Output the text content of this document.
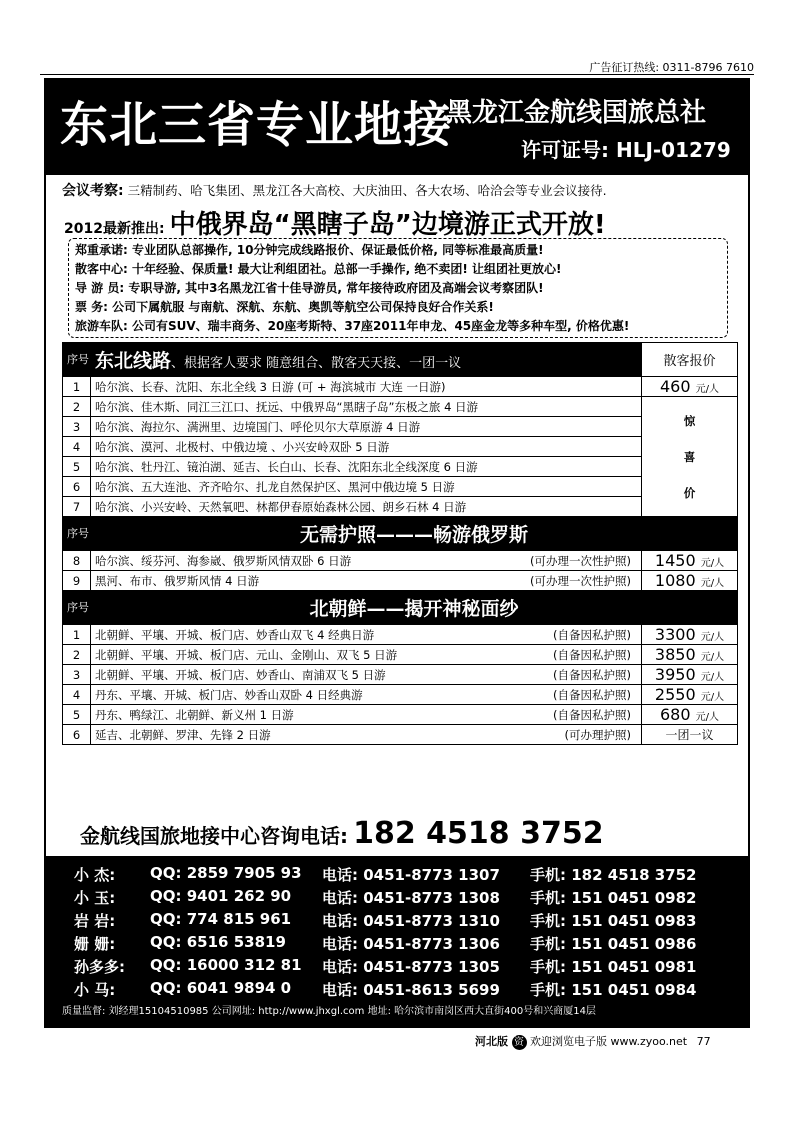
广告征订热线: 0311-8796 7610
东北三省专业地接
黑龙江金航线国旅总社
许可证号: HLJ-01279
会议考察: 三精制药、哈飞集团、黑龙江各大高校、大庆油田、各大农场、哈洽会等专业会议接待.
2012最新推出: 中俄界岛“黑瞎子岛”边境游正式开放!
郑重承诺: 专业团队总部操作, 10分钟完成线路报价、保证最低价格, 同等标准最高质量!
散客中心: 十年经验、保质量! 最大让利组团社。总部一手操作, 绝不卖团! 让组团社更放心!
导 游 员: 专职导游, 其中3名黑龙江省十佳导游员, 常年接待政府团及高端会议考察团队!
票 务: 公司下属航服 与南航、深航、东航、奥凯等航空公司保持良好合作关系!
旅游车队: 公司有SUV、瑞丰商务、20座考斯特、37座2011年申龙、45座金龙等多种车型, 价格优惠!
序号	东北线路、根据客人要求 随意组合、散客天天接、一团一议	散客报价
1	哈尔滨、长春、沈阳、东北全线 3 日游 (可 + 海滨城市 大连 一日游)	460 元/人
2	哈尔滨、佳木斯、同江三江口、抚远、中俄界岛“黑瞎子岛”东极之旅 4 日游	惊
喜
价

3	哈尔滨、海拉尔、满洲里、边境国门、呼伦贝尔大草原游 4 日游	
4	哈尔滨、漠河、北极村、中俄边境 、小兴安岭双卧 5 日游	
5	哈尔滨、牡丹江、镜泊湖、延吉、长白山、长春、沈阳东北全线深度 6 日游	
6	哈尔滨、五大连池、齐齐哈尔、扎龙自然保护区、黑河中俄边境 5 日游	
7	哈尔滨、小兴安岭、天然氧吧、林都伊春原始森林公园、朗乡石林 4 日游	
序号	无需护照———畅游俄罗斯	
8	哈尔滨、绥芬河、海参崴、俄罗斯风情双卧 6 日游 (可办理一次性护照)	1450 元/人
9	黑河、布市、俄罗斯风情 4 日游 (可办理一次性护照)	1080 元/人
序号	北朝鲜——揭开神秘面纱	
1	北朝鲜、平壤、开城、板门店、妙香山双飞 4 经典日游 (自备因私护照)	3300 元/人
2	北朝鲜、平壤、开城、板门店、元山、金刚山、双飞 5 日游 (自备因私护照)	3850 元/人
3	北朝鲜、平壤、开城、板门店、妙香山、南浦双飞 5 日游 (自备因私护照)	3950 元/人
4	丹东、平壤、开城、板门店、妙香山双卧 4 日经典游 (自备因私护照)	2550 元/人
5	丹东、鸭绿江、北朝鲜、新义州 1 日游 (自备因私护照)	680 元/人
6	延吉、北朝鲜、罗津、先锋 2 日游 (可办理护照)	一团一议
金航线国旅地接中心咨询电话: 182 4518 3752
小 杰: QQ: 2859 7905 93 电话: 0451-8773 1307 手机: 182 4518 3752
小 玉: QQ: 9401 262 90 电话: 0451-8773 1308 手机: 151 0451 0982
岩 岩: QQ: 774 815 961 电话: 0451-8773 1310 手机: 151 0451 0983
姗 姗: QQ: 6516 53819 电话: 0451-8773 1306 手机: 151 0451 0986
孙多多: QQ: 16000 312 81 电话: 0451-8773 1305 手机: 151 0451 0981
小 马: QQ: 6041 9894 0 电话: 0451-8613 5699 手机: 151 0451 0984
质量监督: 刘经理15104510985 公司网址: http://www.jhxgl.com 地址: 哈尔滨市南岗区西大直街400号和兴商厦14层
河北版 资 欢迎浏览电子版 www.zyoo.net 77
